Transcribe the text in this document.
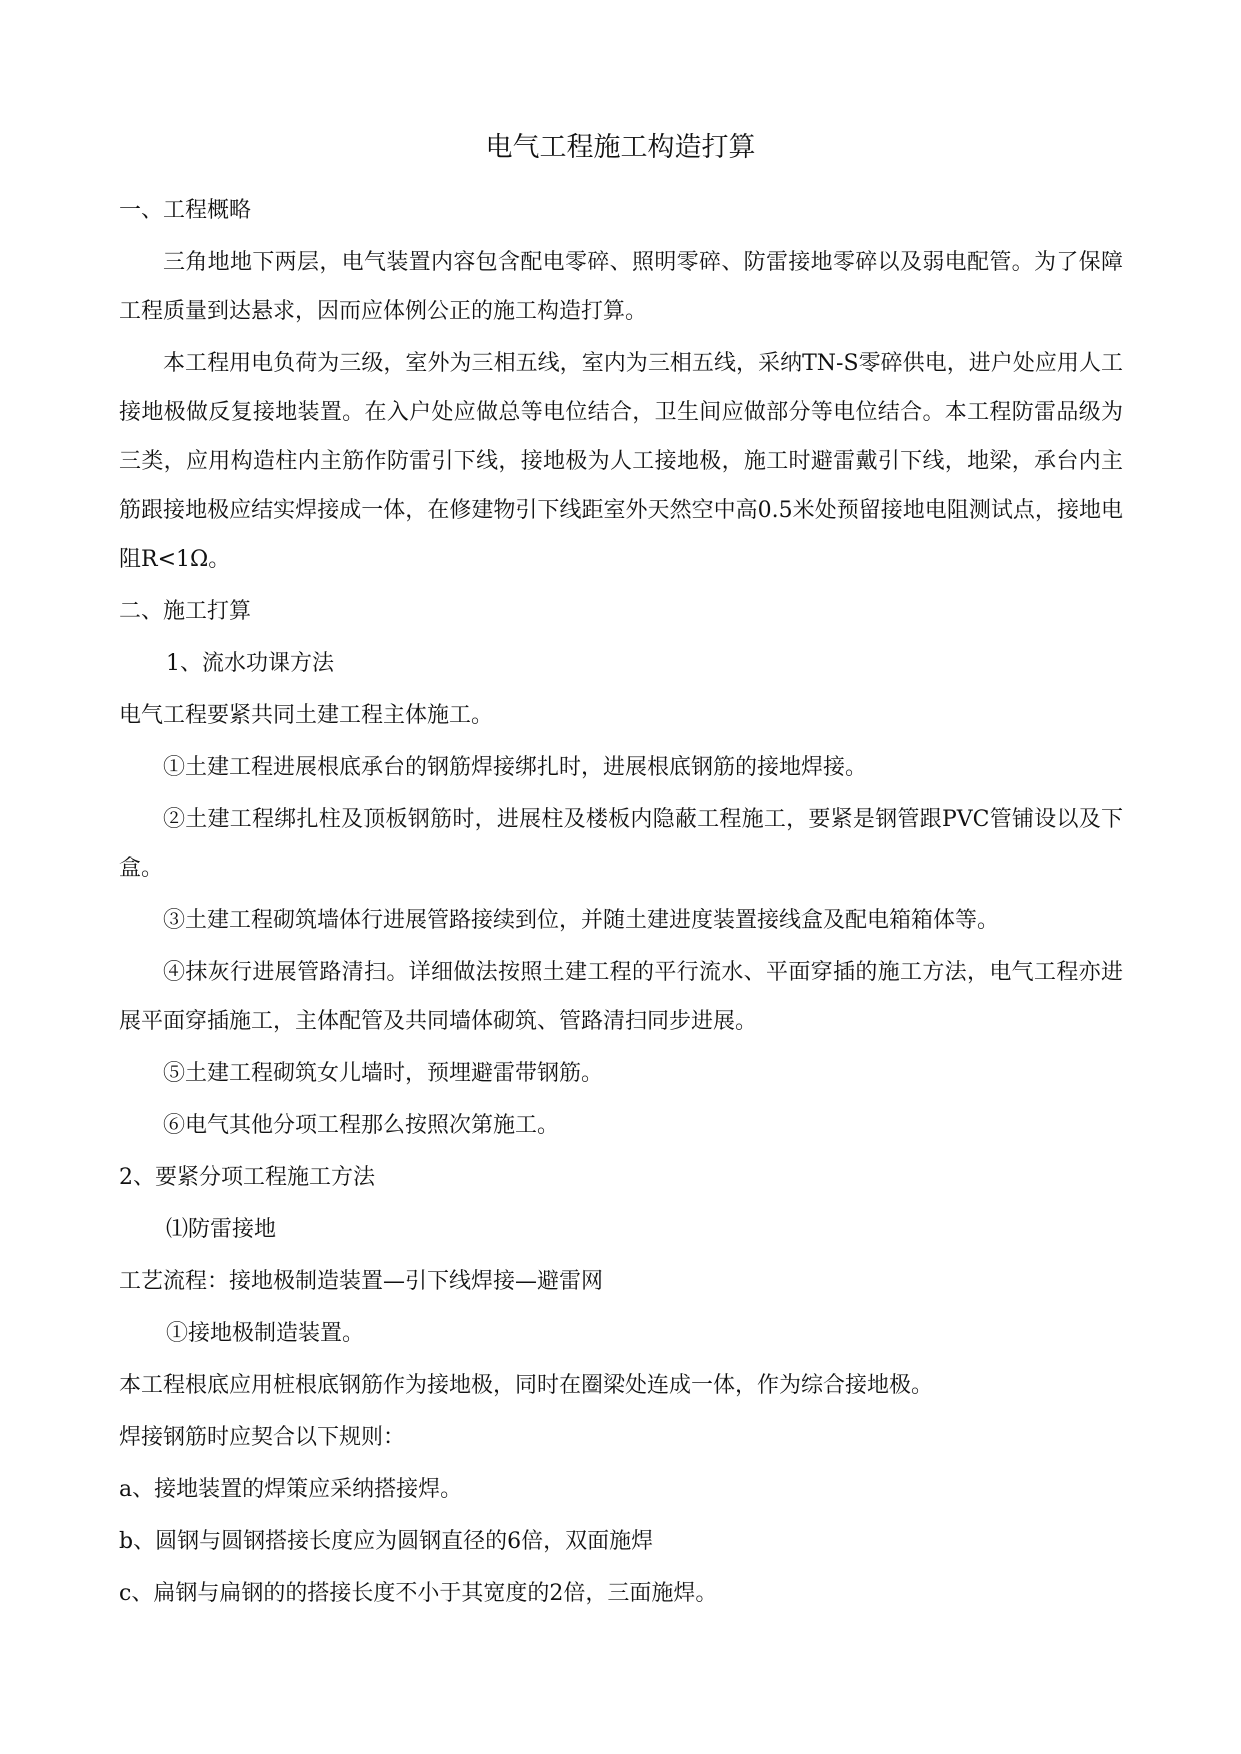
电气工程施工构造打算

一、工程概略

三角地地下两层，电气装置内容包含配电零碎、照明零碎、防雷接地零碎以及弱电配管。为了保障工程质量到达悬求，因而应体例公正的施工构造打算。

本工程用电负荷为三级，室外为三相五线，室内为三相五线，采纳TN-S零碎供电，进户处应用人工接地极做反复接地装置。在入户处应做总等电位结合，卫生间应做部分等电位结合。本工程防雷品级为三类，应用构造柱内主筋作防雷引下线，接地极为人工接地极，施工时避雷戴引下线，地梁，承台内主筋跟接地极应结实焊接成一体，在修建物引下线距室外天然空中高0.5米处预留接地电阻测试点，接地电阻R<1Ω。

二、施工打算

1、流水功课方法

电气工程要紧共同土建工程主体施工。

①土建工程进展根底承台的钢筋焊接绑扎时，进展根底钢筋的接地焊接。

②土建工程绑扎柱及顶板钢筋时，进展柱及楼板内隐蔽工程施工，要紧是钢管跟PVC管铺设以及下盒。

③土建工程砌筑墙体行进展管路接续到位，并随土建进度装置接线盒及配电箱箱体等。

④抹灰行进展管路清扫。详细做法按照土建工程的平行流水、平面穿插的施工方法，电气工程亦进展平面穿插施工，主体配管及共同墙体砌筑、管路清扫同步进展。

⑤土建工程砌筑女儿墙时，预埋避雷带钢筋。

⑥电气其他分项工程那么按照次第施工。

2、要紧分项工程施工方法

⑴防雷接地

工艺流程：接地极制造装置—引下线焊接—避雷网

①接地极制造装置。

本工程根底应用桩根底钢筋作为接地极，同时在圈梁处连成一体，作为综合接地极。

焊接钢筋时应契合以下规则：

a、接地装置的焊策应采纳搭接焊。

b、圆钢与圆钢搭接长度应为圆钢直径的6倍，双面施焊

c、扁钢与扁钢的的搭接长度不小于其宽度的2倍，三面施焊。
